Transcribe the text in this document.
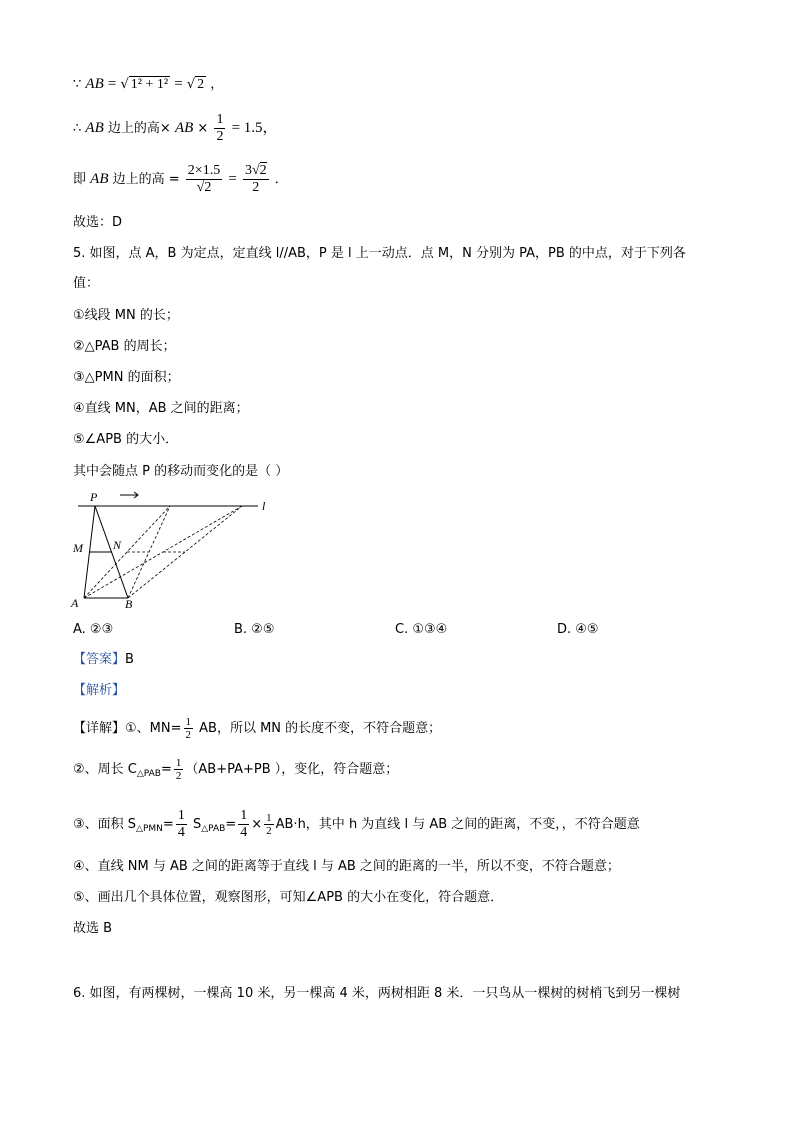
∵ AB = √ 1² + 1² = √ 2 ，
∴ AB 边上的高× AB × $\frac{1}{2} = 1.5$，
即 AB 边上的高 = $\frac{2\times 1.5}{√2} = \frac{3√2}{2}$ ．
故选：D
5. 如图，点 A，B 为定点，定直线 l//AB，P 是 l 上一动点．点 M，N 分别为 PA，PB 的中点，对于下列各
值：
①线段 MN 的长；
②△PAB 的周长；
③△PMN 的面积；
④直线 MN，AB 之间的距离；
⑤∠APB 的大小．
其中会随点 P 的移动而变化的是（ ）
P
l
M	N
A	B
A. ②③	B. ②⑤	C. ①③④	D. ④⑤
【答案】B
【解析】
【详解】①、$MN= \frac{1}{2}$ AB，所以 MN 的长度不变，不符合题意；
②、周长 $C_{\triangle PAB}= \frac{1}{2} (AB+PA+PB$ ），变化，符合题意；
③、面积 $S_{\triangle PMN}= \frac{1}{4} S_{\triangle PAB}= \frac{1}{4} \times \frac{1}{2} AB\cdot h$，其中 h 为直线 l 与 AB 之间的距离，不变，，不符合题意
④、直线 NM 与 AB 之间的距离等于直线 l 与 AB 之间的距离的一半，所以不变，不符合题意；
⑤、画出几个具体位置，观察图形，可知∠APB 的大小在变化，符合题意．
故选 B
6. 如图，有两棵树，一棵高 10 米，另一棵高 4 米，两树相距 8 米．一只鸟从一棵树的树梢飞到另一棵树
